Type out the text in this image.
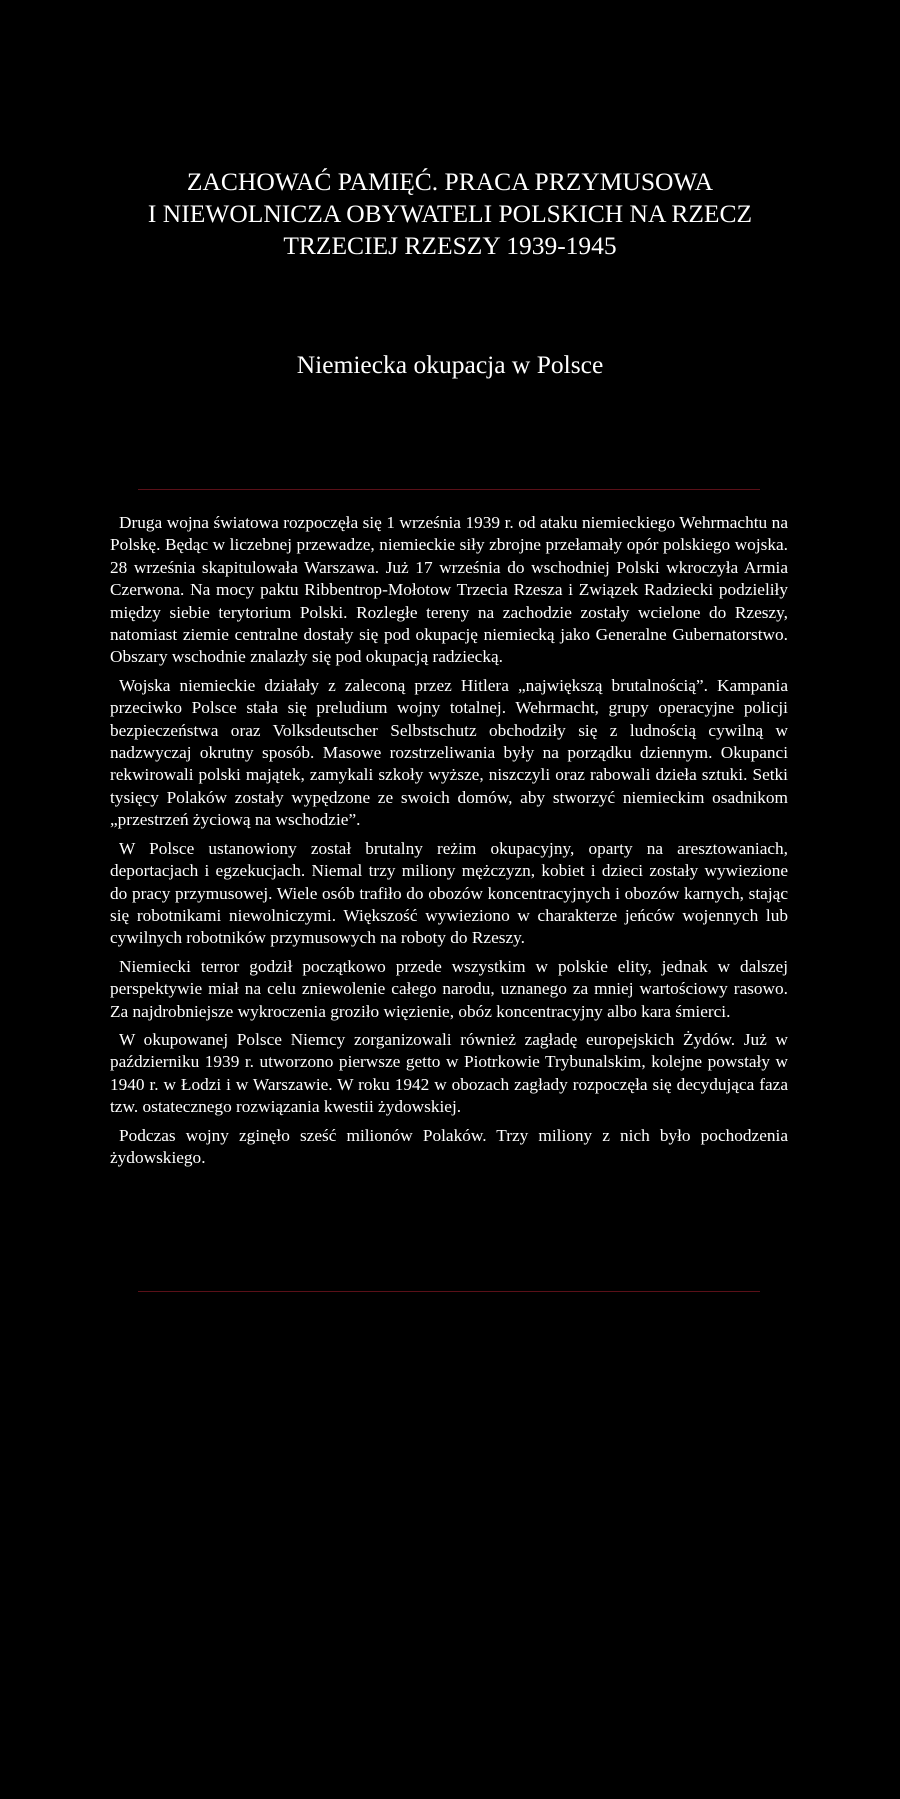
ZACHOWAĆ PAMIĘĆ. PRACA PRZYMUSOWA
I NIEWOLNICZA OBYWATELI POLSKICH NA RZECZ
TRZECIEJ RZESZY 1939-1945
Niemiecka okupacja w Polsce

Druga wojna światowa rozpoczęła się 1 września 1939 r. od ataku niemieckiego Wehrmachtu na Polskę. Będąc w liczebnej przewadze, niemieckie siły zbrojne przełamały opór polskiego wojska. 28 września skapitulowała Warszawa. Już 17 września do wschodniej Polski wkroczyła Armia Czerwona. Na mocy paktu Ribbentrop-Mołotow Trzecia Rzesza i Związek Radziecki podzieliły między siebie terytorium Polski. Rozległe tereny na zachodzie zostały wcielone do Rzeszy, natomiast ziemie centralne dostały się pod okupację niemiecką jako Generalne Gubernatorstwo. Obszary wschodnie znalazły się pod okupacją radziecką.

Wojska niemieckie działały z zaleconą przez Hitlera „największą brutalnością”. Kampania przeciwko Polsce stała się preludium wojny totalnej. Wehrmacht, grupy operacyjne policji bezpieczeństwa oraz Volksdeutscher Selbstschutz obchodziły się z ludnością cywilną w nadzwyczaj okrutny sposób. Masowe rozstrzeliwania były na porządku dziennym. Okupanci rekwirowali polski majątek, zamykali szkoły wyższe, niszczyli oraz rabowali dzieła sztuki. Setki tysięcy Polaków zostały wypędzone ze swoich domów, aby stworzyć niemieckim osadnikom „przestrzeń życiową na wschodzie”.

W Polsce ustanowiony został brutalny reżim okupacyjny, oparty na aresztowaniach, deportacjach i egzekucjach. Niemal trzy miliony mężczyzn, kobiet i dzieci zostały wywiezione do pracy przymusowej. Wiele osób trafiło do obozów koncentracyjnych i obozów karnych, stając się robotnikami niewolniczymi. Większość wywieziono w charakterze jeńców wojennych lub cywilnych robotników przymusowych na roboty do Rzeszy.

Niemiecki terror godził początkowo przede wszystkim w polskie elity, jednak w dalszej perspektywie miał na celu zniewolenie całego narodu, uznanego za mniej wartościowy rasowo. Za najdrobniejsze wykroczenia groziło więzienie, obóz koncentracyjny albo kara śmierci.

W okupowanej Polsce Niemcy zorganizowali również zagładę europejskich Żydów. Już w październiku 1939 r. utworzono pierwsze getto w Piotrkowie Trybunalskim, kolejne powstały w 1940 r. w Łodzi i w Warszawie. W roku 1942 w obozach zagłady rozpoczęła się decydująca faza tzw. ostatecznego rozwiązania kwestii żydowskiej.

Podczas wojny zginęło sześć milionów Polaków. Trzy miliony z nich było pochodzenia żydowskiego.
